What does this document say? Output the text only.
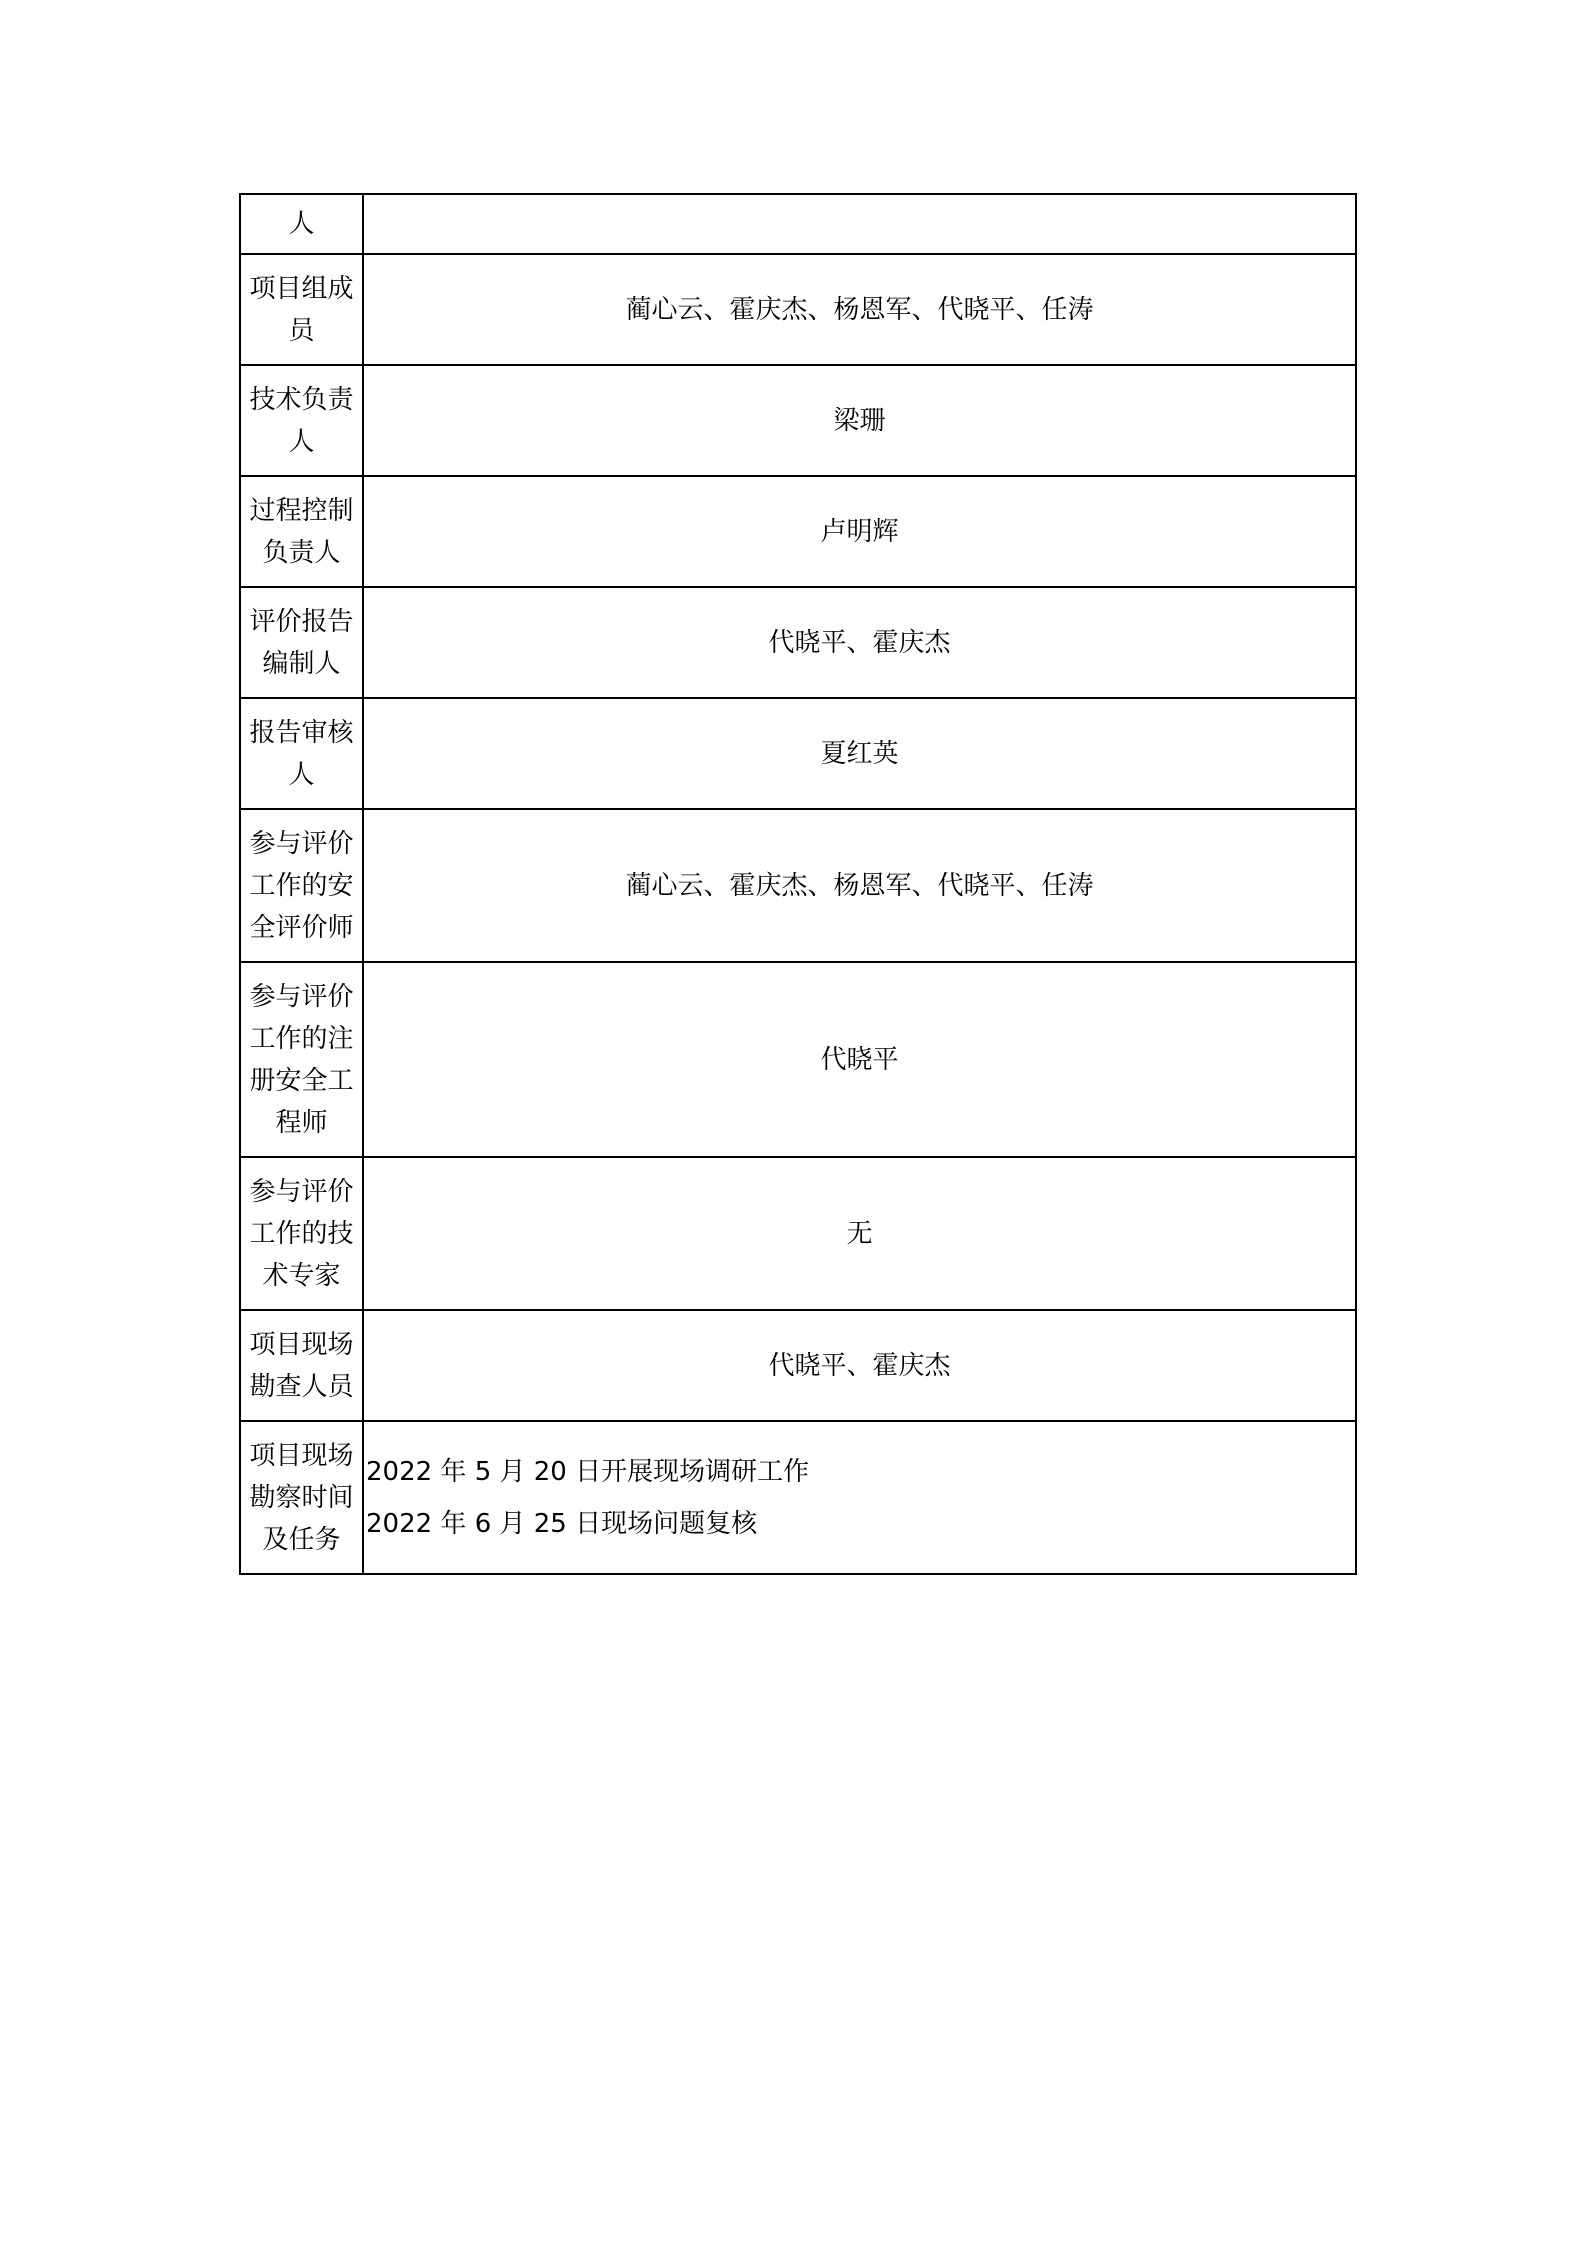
人	

项目组成
员	蔺心云、霍庆杰、杨恩军、代晓平、任涛

技术负责
人	梁珊

过程控制
负责人	卢明辉

评价报告
编制人	代晓平、霍庆杰

报告审核
人	夏红英

参与评价
工作的安
全评价师	蔺心云、霍庆杰、杨恩军、代晓平、任涛

参与评价
工作的注
册安全工
程师	代晓平

参与评价
工作的技
术专家	无

项目现场
勘查人员	代晓平、霍庆杰

项目现场
勘察时间
及任务	2022 年 5 月 20 日开展现场调研工作
2022 年 6 月 25 日现场问题复核
